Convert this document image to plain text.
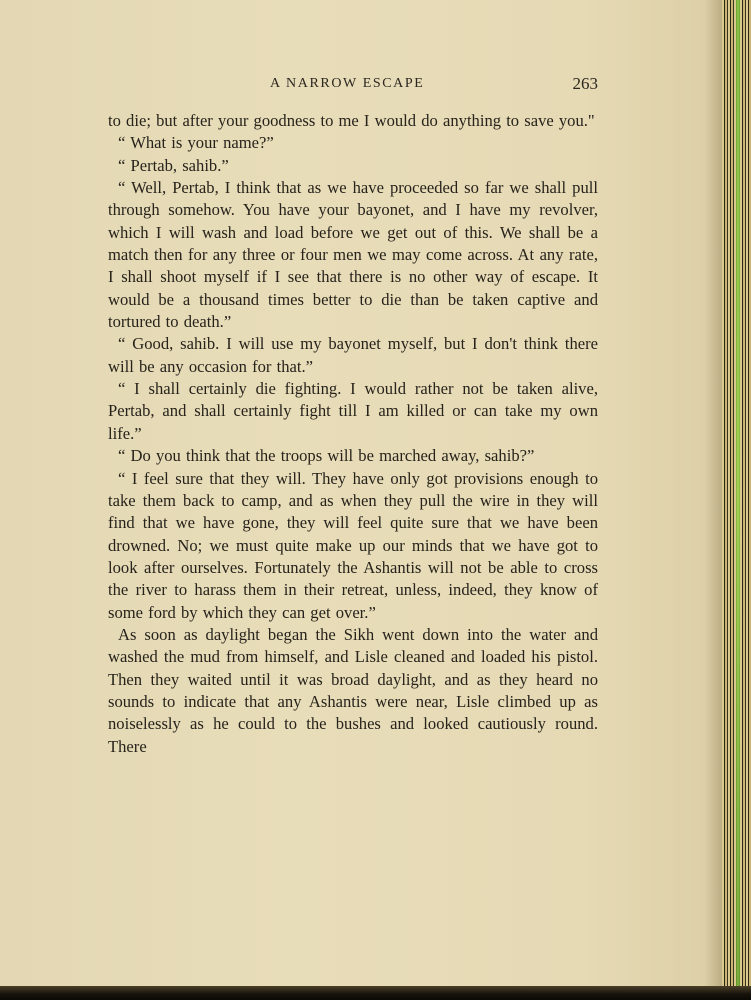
A NARROW ESCAPE	263

to die; but after your goodness to me I would do anything to save you."

“ What is your name?”

“ Pertab, sahib.”

“ Well, Pertab, I think that as we have proceeded so far we shall pull through somehow. You have your bayonet, and I have my revolver, which I will wash and load before we get out of this. We shall be a match then for any three or four men we may come across. At any rate, I shall shoot myself if I see that there is no other way of escape. It would be a thousand times better to die than be taken captive and tortured to death.”

“ Good, sahib. I will use my bayonet myself, but I don't think there will be any occasion for that.”

“ I shall certainly die fighting. I would rather not be taken alive, Pertab, and shall certainly fight till I am killed or can take my own life.”

“ Do you think that the troops will be marched away, sahib?”

“ I feel sure that they will. They have only got provisions enough to take them back to camp, and as when they pull the wire in they will find that we have gone, they will feel quite sure that we have been drowned. No; we must quite make up our minds that we have got to look after ourselves. Fortunately the Ashantis will not be able to cross the river to harass them in their retreat, unless, indeed, they know of some ford by which they can get over.”

As soon as daylight began the Sikh went down into the water and washed the mud from himself, and Lisle cleaned and loaded his pistol. Then they waited until it was broad daylight, and as they heard no sounds to indicate that any Ashantis were near, Lisle climbed up as noiselessly as he could to the bushes and looked cautiously round. There
